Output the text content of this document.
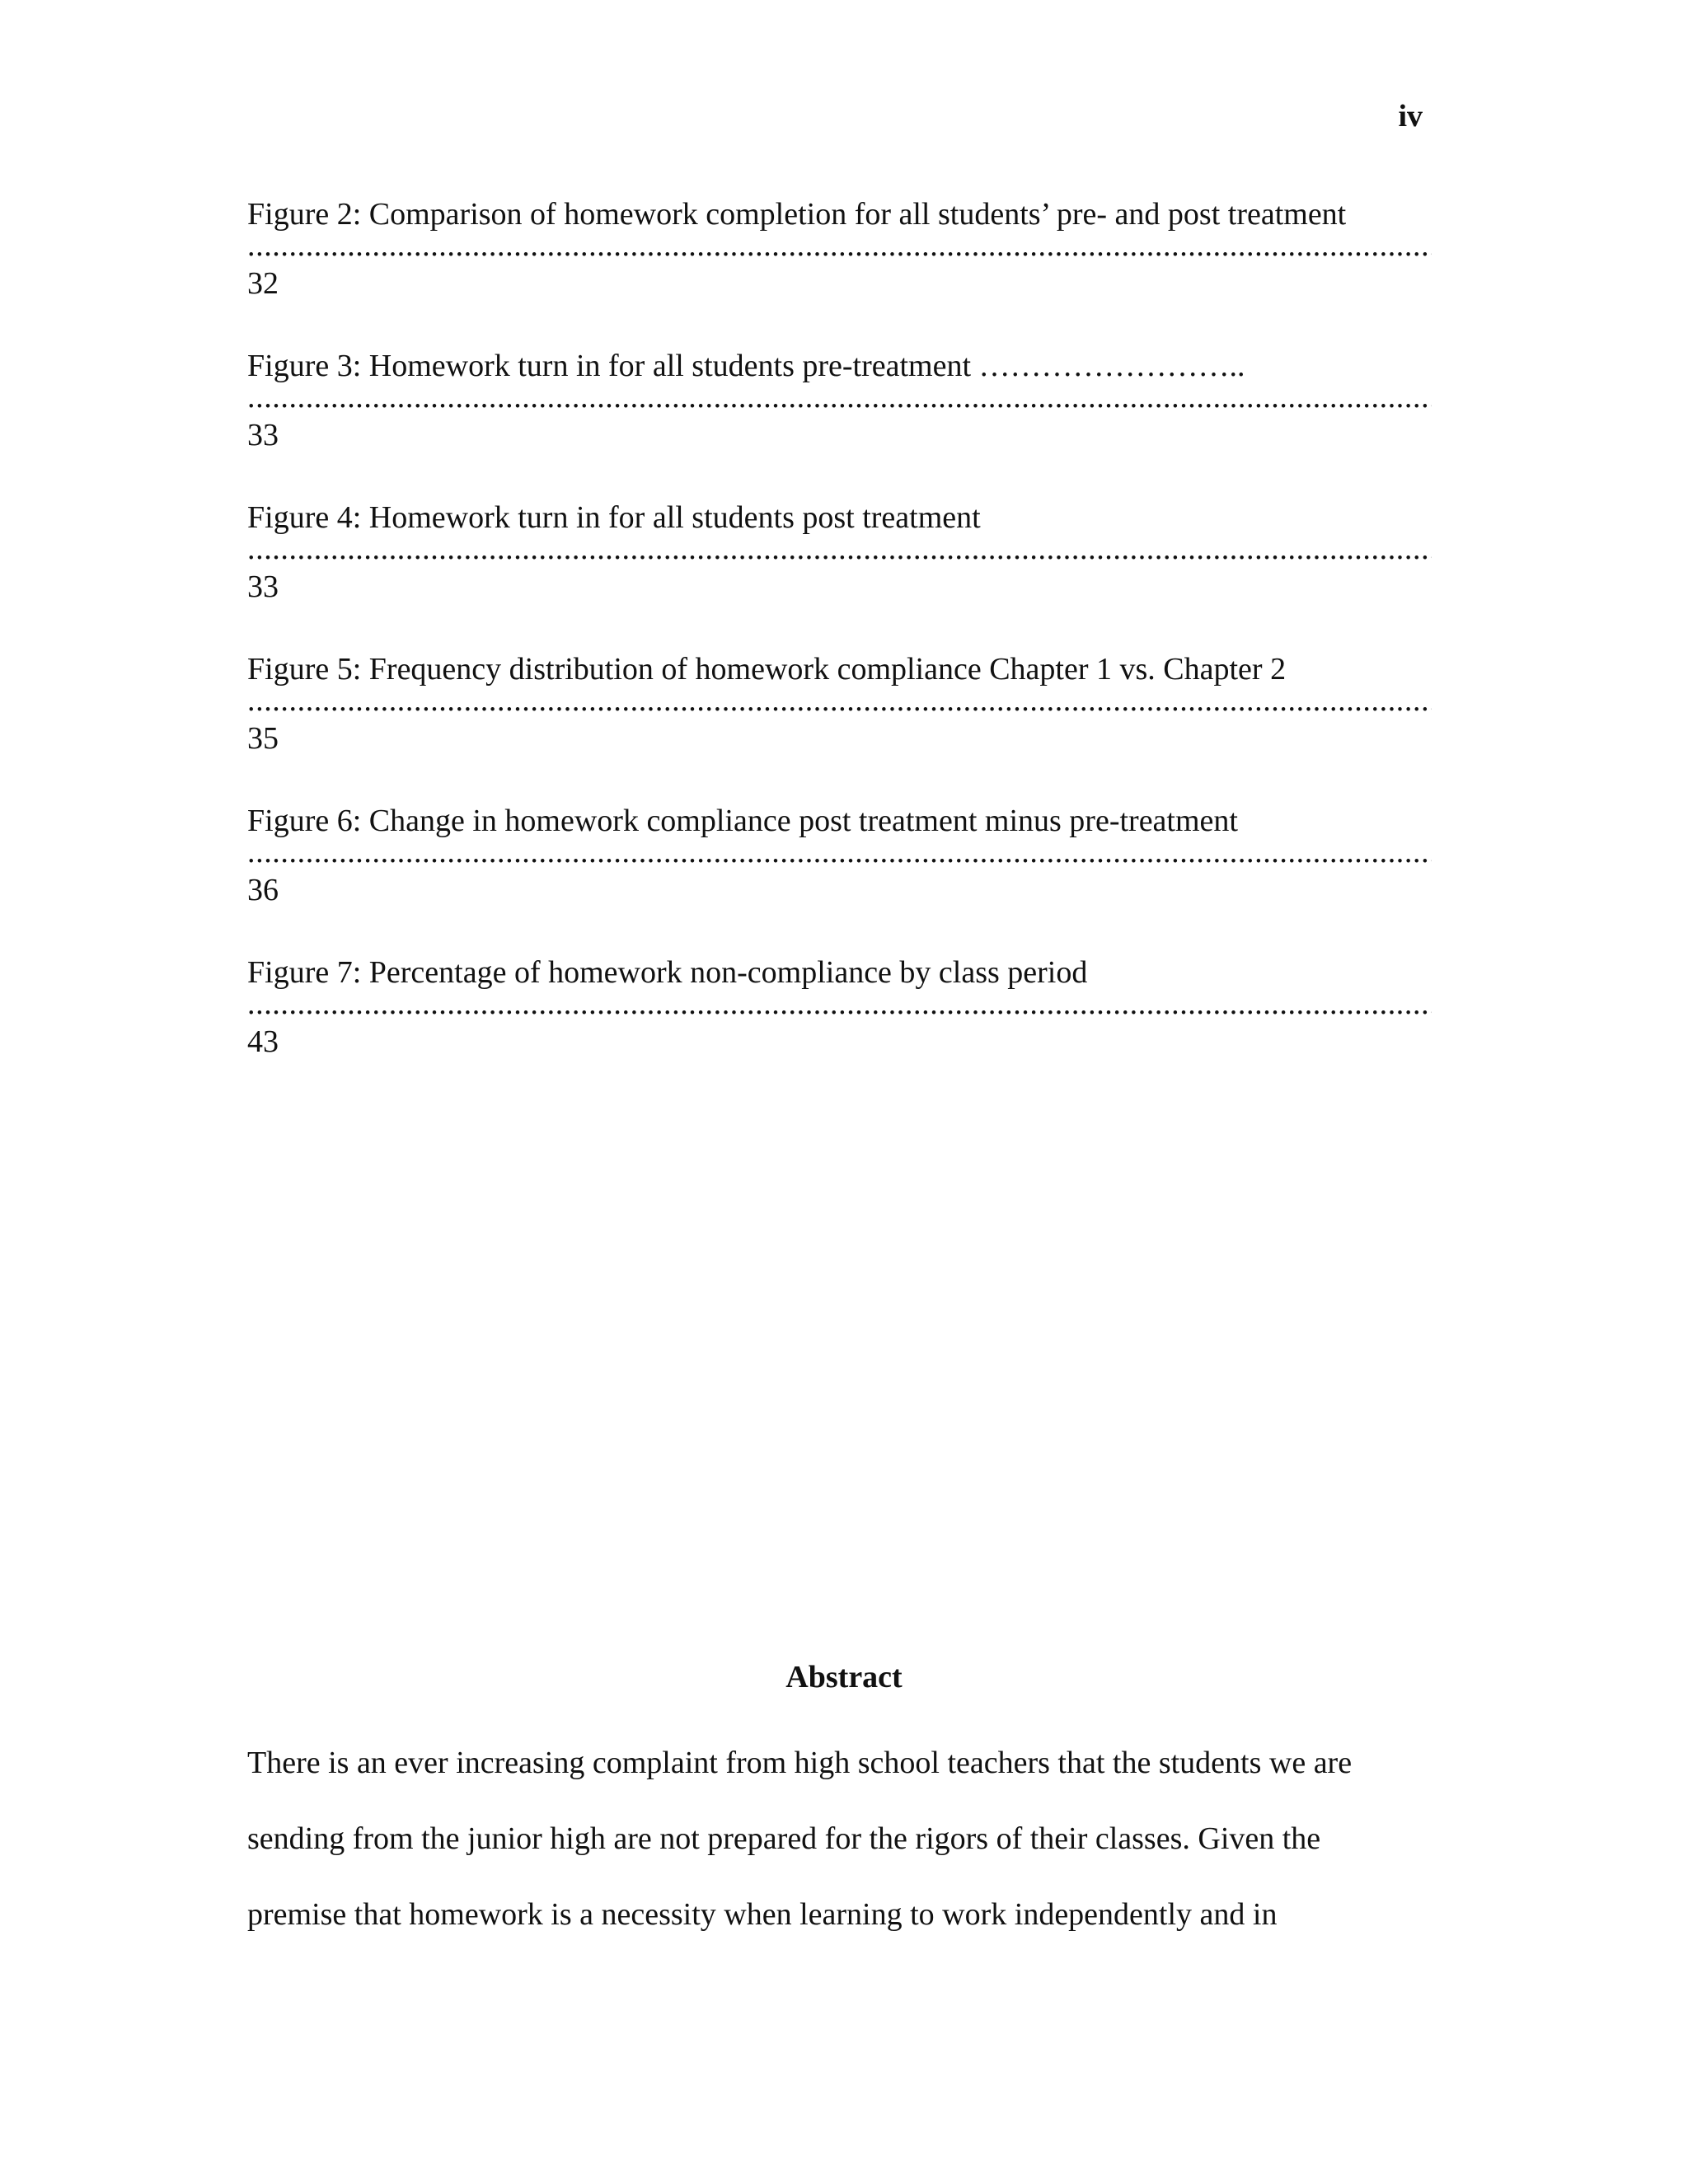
iv
Figure 2: Comparison of homework completion for all students’ pre- and post treatment
.....
32
Figure 3: Homework turn in for all students pre-treatment ……………………..
.....
33
Figure 4: Homework turn in for all students post treatment
.....
33
Figure 5: Frequency distribution of homework compliance Chapter 1 vs. Chapter 2
.....
35
Figure 6: Change in homework compliance post treatment minus pre-treatment
.....
36
Figure 7: Percentage of homework non-compliance by class period
.....
43
Abstract
There is an ever increasing complaint from high school teachers that the students we are
sending from the junior high are not prepared for the rigors of their classes. Given the
premise that homework is a necessity when learning to work independently and in
